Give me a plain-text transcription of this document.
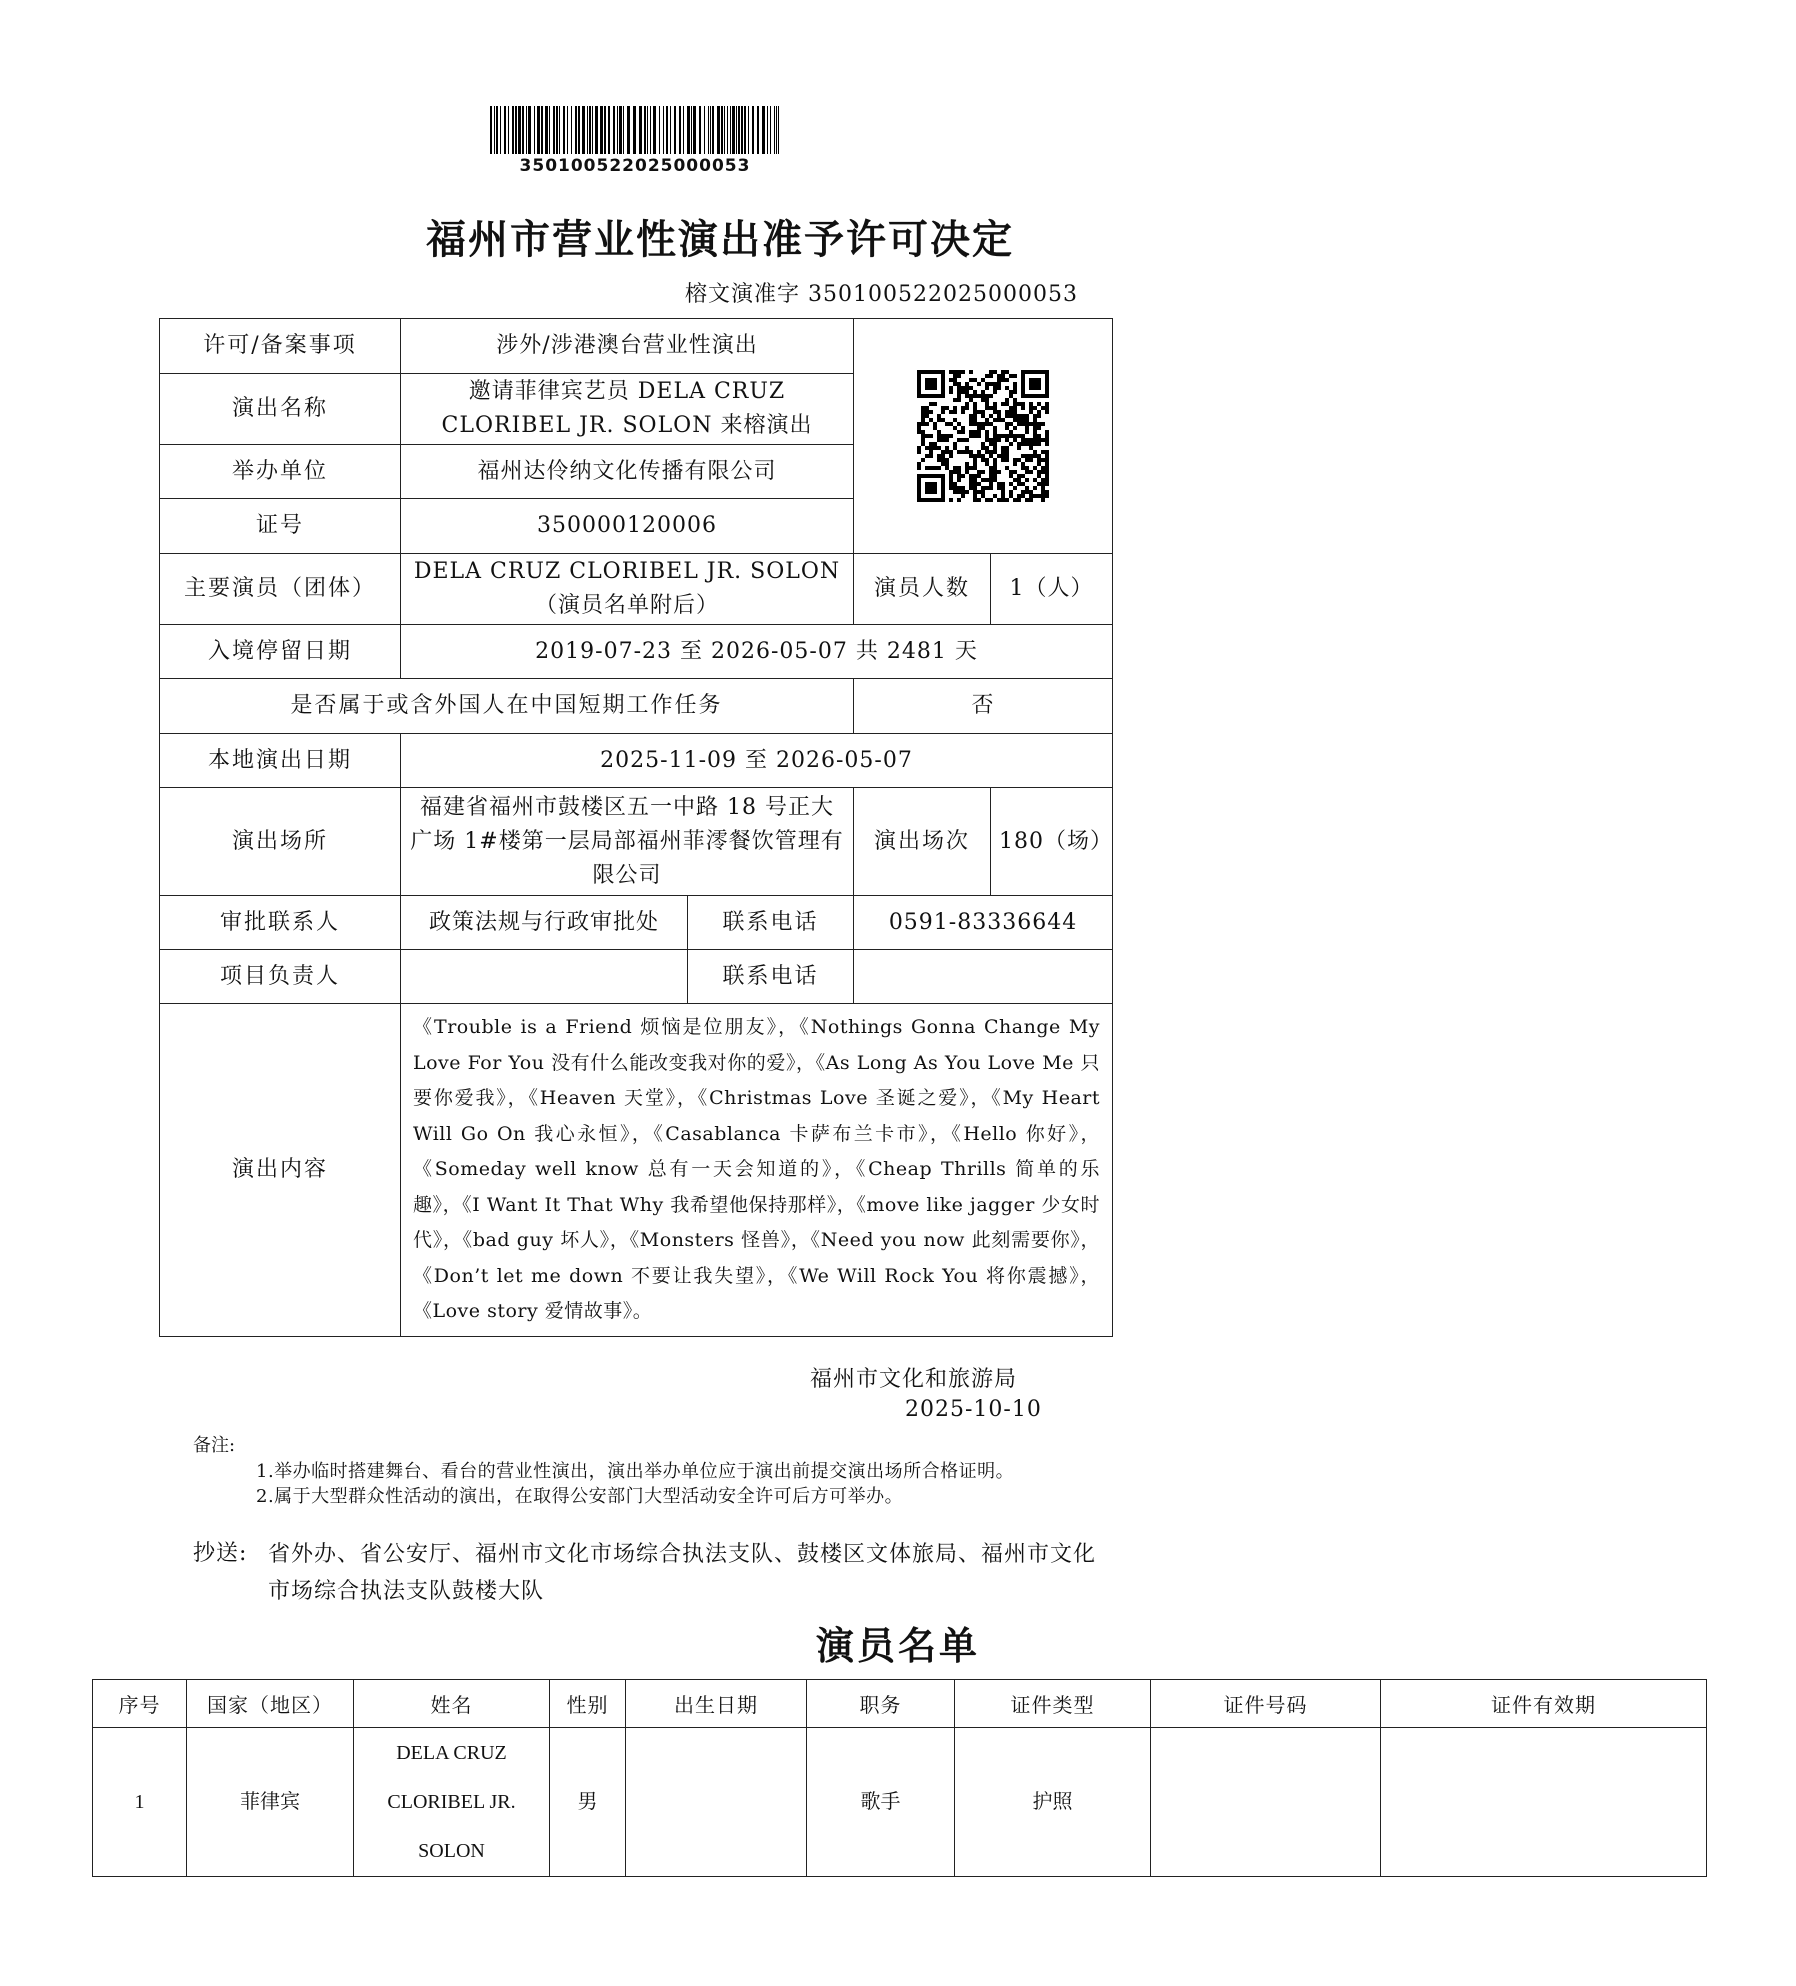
350100522025000053
福州市营业性演出准予许可决定
榕文演准字 350100522025000053
许可/备案事项	涉外/涉港澳台营业性演出	

演出名称	邀请菲律宾艺员 DELA CRUZ CLORIBEL JR. SOLON 来榕演出			
举办单位	福州达伶纳文化传播有限公司			
证号	350000120006			
主要演员（团体）	DELA CRUZ CLORIBEL JR. SOLON（演员名单附后）		演员人数	1（人）
入境停留日期	2019-07-23 至 2026-05-07 共 2481 天			
是否属于或含外国人在中国短期工作任务			否	
本地演出日期	2025-11-09 至 2026-05-07			
演出场所	福建省福州市鼓楼区五一中路 18 号正大广场 1#楼第一层局部福州菲澪餐饮管理有限公司		演出场次	180（场）
审批联系人	政策法规与行政审批处	联系电话	0591-83336644	
项目负责人		联系电话		
演出内容	《Trouble is a Friend 烦恼是位朋友》，《Nothings Gonna Change My Love For You 没有什么能改变我对你的爱》，《As Long As You Love Me 只要你爱我》，《Heaven 天堂》，《Christmas Love 圣诞之爱》，《My Heart Will Go On 我心永恒》，《Casablanca 卡萨布兰卡市》，《Hello 你好》，《Someday well know 总有一天会知道的》，《Cheap Thrills 简单的乐趣》，《I Want It That Why 我希望他保持那样》，《move like jagger 少女时代》，《bad guy 坏人》，《Monsters 怪兽》，《Need you now 此刻需要你》，《Don’t let me down 不要让我失望》，《We Will Rock You 将你震撼》，《Love story 爱情故事》。			
福州市文化和旅游局
2025-10-10
备注:
1.举办临时搭建舞台、看台的营业性演出，演出举办单位应于演出前提交演出场所合格证明。
2.属于大型群众性活动的演出，在取得公安部门大型活动安全许可后方可举办。
抄送: 省外办、省公安厅、福州市文化市场综合执法支队、鼓楼区文体旅局、福州市文化市场综合执法支队鼓楼大队
演员名单
序号	国家（地区）	姓名	性别	出生日期	职务	证件类型	证件号码	证件有效期
1	菲律宾	DELA CRUZ CLORIBEL JR. SOLON	男		歌手	护照		
